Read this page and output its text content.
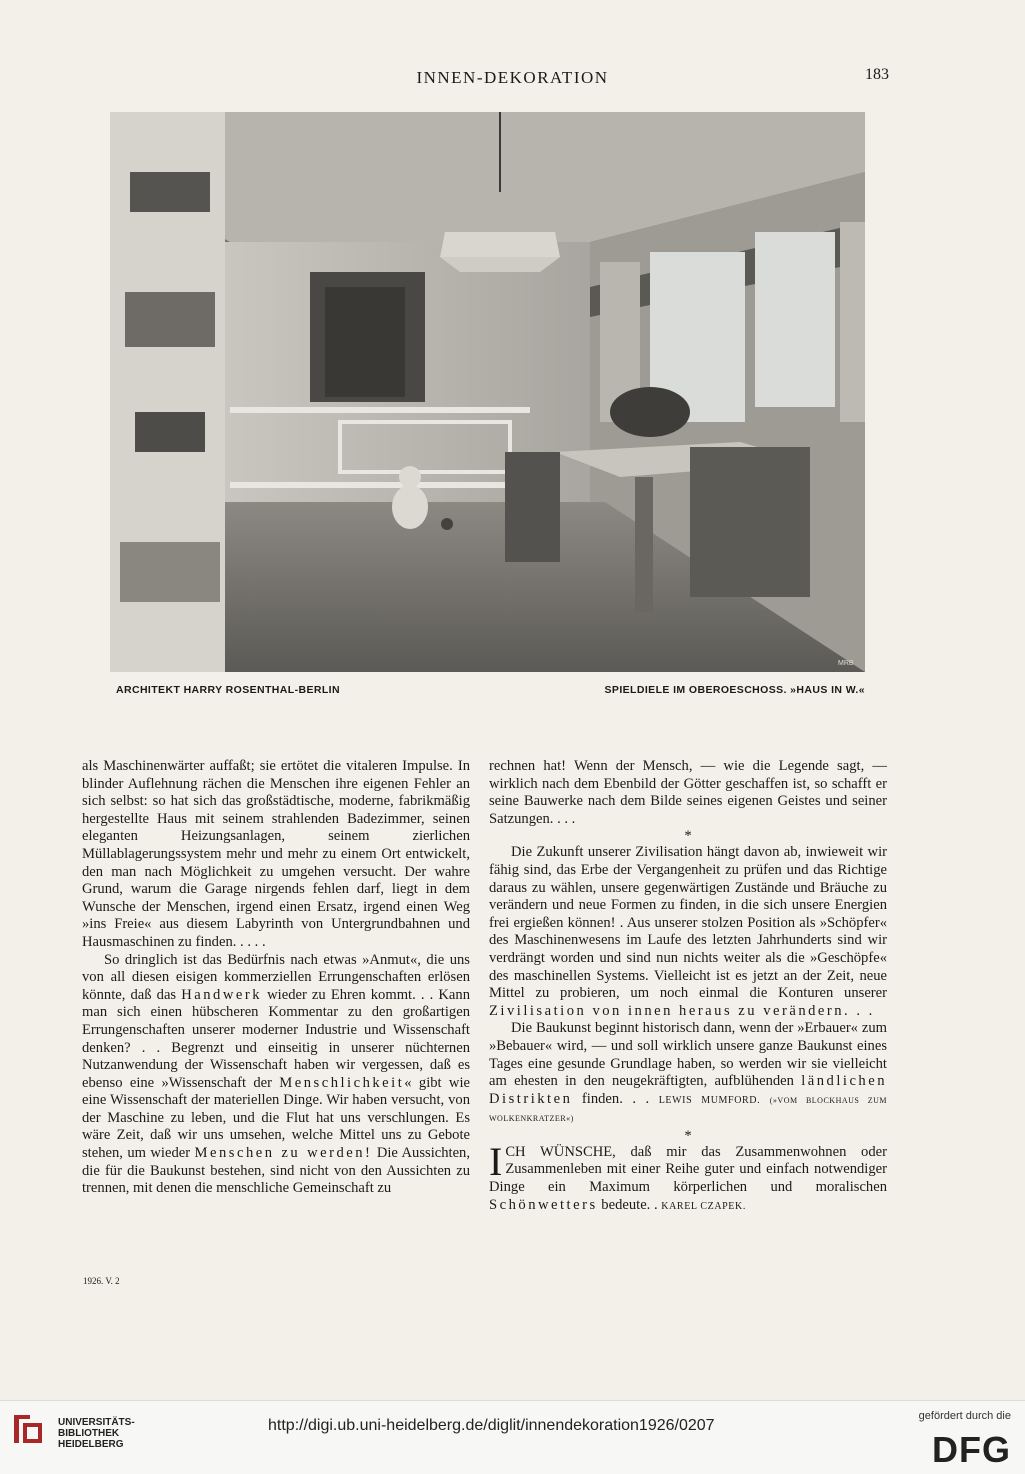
INNEN-DEKORATION	183
MRB
ARCHITEKT HARRY ROSENTHAL-BERLIN	SPIELDIELE IM OBEROESCHOSS. »HAUS IN W.«

als Maschinenwärter auffaßt; sie ertötet die vitaleren Impulse. In blinder Auflehnung rächen die Menschen ihre eigenen Fehler an sich selbst: so hat sich das großstädtische, moderne, fabrikmäßig hergestellte Haus mit seinem strahlenden Badezimmer, seinen eleganten Heizungsanlagen, seinem zierlichen Müllablagerungssystem mehr und mehr zu einem Ort entwickelt, den man nach Möglichkeit zu umgehen versucht. Der wahre Grund, warum die Garage nirgends fehlen darf, liegt in dem Wunsche der Menschen, irgend einen Ersatz, irgend einen Weg »ins Freie« aus diesem Labyrinth von Untergrundbahnen und Hausmaschinen zu finden. . . . .

So dringlich ist das Bedürfnis nach etwas »Anmut«, die uns von all diesen eisigen kommerziellen Errungenschaften erlösen könnte, daß das Handwerk wieder zu Ehren kommt. . . Kann man sich einen hübscheren Kommentar zu den großartigen Errungenschaften unserer moderner Industrie und Wissenschaft denken? . . Begrenzt und einseitig in unserer nüchternen Nutzanwendung der Wissenschaft haben wir vergessen, daß es ebenso eine »Wissenschaft der Menschlichkeit« gibt wie eine Wissenschaft der materiellen Dinge. Wir haben versucht, von der Maschine zu leben, und die Flut hat uns verschlungen. Es wäre Zeit, daß wir uns umsehen, welche Mittel uns zu Gebote stehen, um wieder Menschen zu werden! Die Aussichten, die für die Baukunst bestehen, sind nicht von den Aussichten zu trennen, mit denen die menschliche Gemeinschaft zu

rechnen hat! Wenn der Mensch, — wie die Legende sagt, — wirklich nach dem Ebenbild der Götter geschaffen ist, so schafft er seine Bauwerke nach dem Bilde seines eigenen Geistes und seiner Satzungen. . . .

*

Die Zukunft unserer Zivilisation hängt davon ab, inwieweit wir fähig sind, das Erbe der Vergangenheit zu prüfen und das Richtige daraus zu wählen, unsere gegenwärtigen Zustände und Bräuche zu verändern und neue Formen zu finden, in die sich unsere Energien frei ergießen können! . Aus unserer stolzen Position als »Schöpfer« des Maschinenwesens im Laufe des letzten Jahrhunderts sind wir verdrängt worden und sind nun nichts weiter als die »Geschöpfe« des maschinellen Systems. Vielleicht ist es jetzt an der Zeit, neue Mittel zu probieren, um noch einmal die Konturen unserer Zivilisation von innen heraus zu verändern. . .

Die Baukunst beginnt historisch dann, wenn der »Erbauer« zum »Bebauer« wird, — und soll wirklich unsere ganze Baukunst eines Tages eine gesunde Grundlage haben, so werden wir sie vielleicht am ehesten in den neugekräftigten, aufblühenden ländlichen Distrikten finden. . . LEWIS MUMFORD. (»VOM BLOCKHAUS ZUM WOLKENKRATZER«)

*

ICH WÜNSCHE, daß mir das Zusammenwohnen oder Zusammenleben mit einer Reihe guter und einfach notwendiger Dinge ein Maximum körperlichen und moralischen Schönwetters bedeute. . KAREL CZAPEK.

1926. V. 2
UNIVERSITÄTS-
BIBLIOTHEK
HEIDELBERG
http://digi.ub.uni-heidelberg.de/diglit/innendekoration1926/0207
gefördert durch die
DFG
